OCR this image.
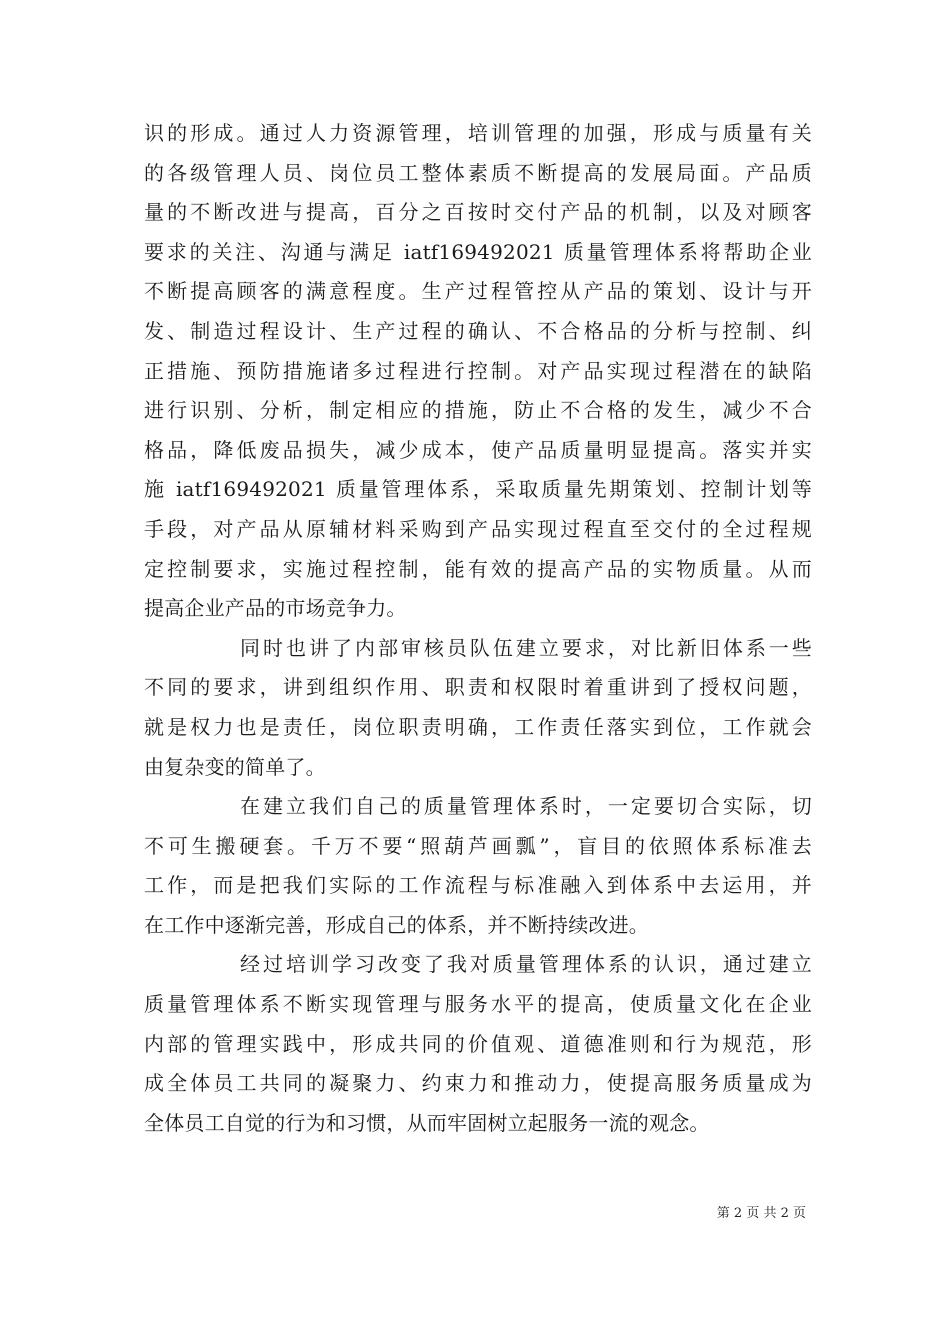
识的形成。通过人力资源管理，培训管理的加强，形成与质量有关
的各级管理人员、岗位员工整体素质不断提高的发展局面。产品质
量的不断改进与提高，百分之百按时交付产品的机制，以及对顾客
要求的关注、沟通与满足 iatf169492021 质量管理体系将帮助企业
不断提高顾客的满意程度。生产过程管控从产品的策划、设计与开
发、制造过程设计、生产过程的确认、不合格品的分析与控制、纠
正措施、预防措施诸多过程进行控制。对产品实现过程潜在的缺陷
进行识别、分析，制定相应的措施，防止不合格的发生，减少不合
格品，降低废品损失，减少成本，使产品质量明显提高。落实并实
施 iatf169492021 质量管理体系，采取质量先期策划、控制计划等
手段，对产品从原辅材料采购到产品实现过程直至交付的全过程规
定控制要求，实施过程控制，能有效的提高产品的实物质量。从而
提高企业产品的市场竞争力。
同时也讲了内部审核员队伍建立要求，对比新旧体系一些
不同的要求，讲到组织作用、职责和权限时着重讲到了授权问题，
就是权力也是责任，岗位职责明确，工作责任落实到位，工作就会
由复杂变的简单了。
在建立我们自己的质量管理体系时，一定要切合实际，切
不可生搬硬套。千万不要“照葫芦画瓢”，盲目的依照体系标准去
工作，而是把我们实际的工作流程与标准融入到体系中去运用，并
在工作中逐渐完善，形成自己的体系，并不断持续改进。
经过培训学习改变了我对质量管理体系的认识，通过建立
质量管理体系不断实现管理与服务水平的提高，使质量文化在企业
内部的管理实践中，形成共同的价值观、道德准则和行为规范，形
成全体员工共同的凝聚力、约束力和推动力，使提高服务质量成为
全体员工自觉的行为和习惯，从而牢固树立起服务一流的观念。
第 2 页 共 2 页
